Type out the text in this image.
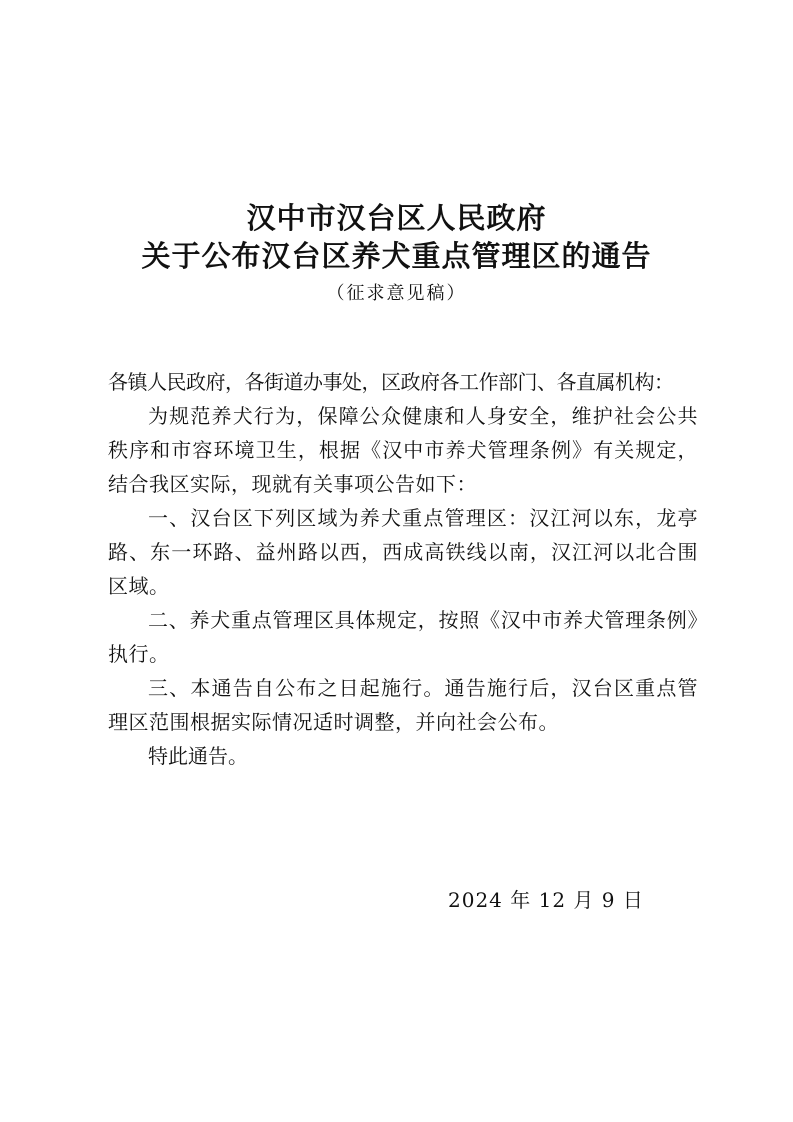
汉中市汉台区人民政府
关于公布汉台区养犬重点管理区的通告
（征求意见稿）

各镇人民政府，各街道办事处，区政府各工作部门、各直属机构：

为规范养犬行为，保障公众健康和人身安全，维护社会公共秩序和市容环境卫生，根据《汉中市养犬管理条例》有关规定，结合我区实际，现就有关事项公告如下：

一、汉台区下列区域为养犬重点管理区：汉江河以东，龙亭路、东一环路、益州路以西，西成高铁线以南，汉江河以北合围区域。

二、养犬重点管理区具体规定，按照《汉中市养犬管理条例》执行。

三、本通告自公布之日起施行。通告施行后，汉台区重点管理区范围根据实际情况适时调整，并向社会公布。

特此通告。

2024 年 12 月 9 日
